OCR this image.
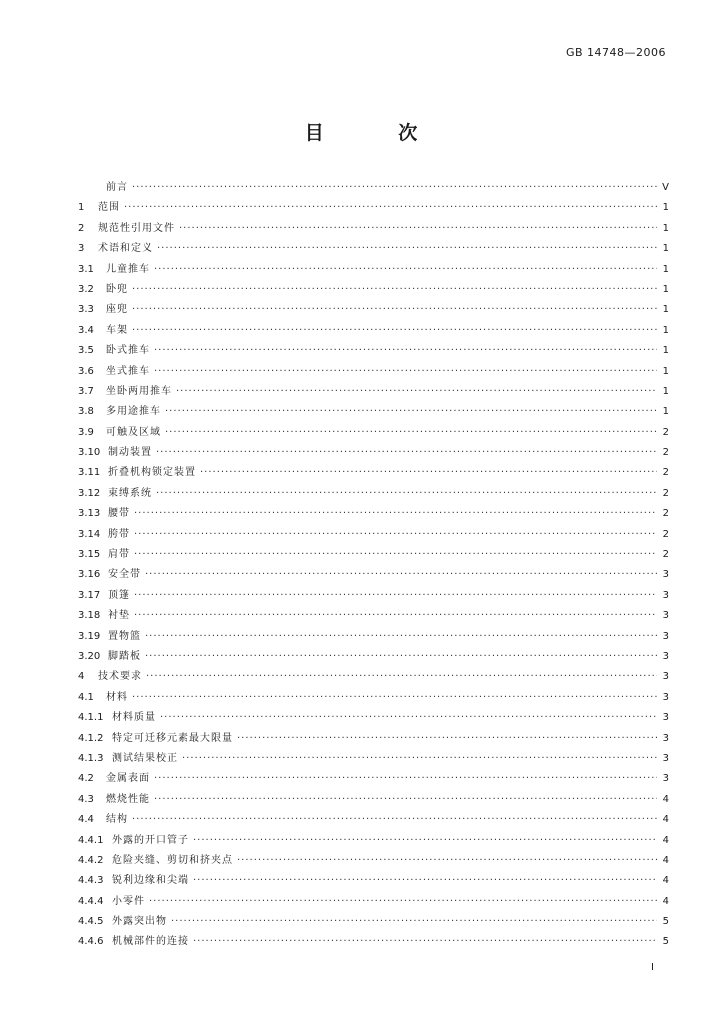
GB 14748—2006
目 次
前言 ·····	V
1	范围 ·····	1
2	规范性引用文件 ·····	1
3	术语和定义 ·····	1
3.1	儿童推车 ·····	1
3.2	卧兜 ·····	1
3.3	座兜 ·····	1
3.4	车架 ·····	1
3.5	卧式推车 ·····	1
3.6	坐式推车 ·····	1
3.7	坐卧两用推车 ·····	1
3.8	多用途推车 ·····	1
3.9	可触及区域 ·····	2
3.10 制动装置 ·····	2
3.11 折叠机构锁定装置 ·····	2
3.12 束缚系统 ·····	2
3.13 腰带 ·····	2
3.14 胯带 ·····	2
3.15 肩带 ·····	2
3.16 安全带 ·····	3
3.17 顶篷 ·····	3
3.18 衬垫 ·····	3
3.19 置物篮 ·····	3
3.20 脚踏板 ·····	3
4	技术要求 ·····	3
4.1	材料 ·····	3
4.1.1 材料质量 ·····	3
4.1.2 特定可迁移元素最大限量 ·····	3
4.1.3 测试结果校正 ·····	3
4.2	金属表面 ·····	3
4.3	燃烧性能 ·····	4
4.4	结构 ·····	4
4.4.1 外露的开口管子 ·····	4
4.4.2 危险夹缝、剪切和挤夹点 ·····	4
4.4.3 锐利边缘和尖端 ·····	4
4.4.4 小零件 ·····	4
4.4.5 外露突出物 ·····	5
4.4.6 机械部件的连接 ·····	5
I
